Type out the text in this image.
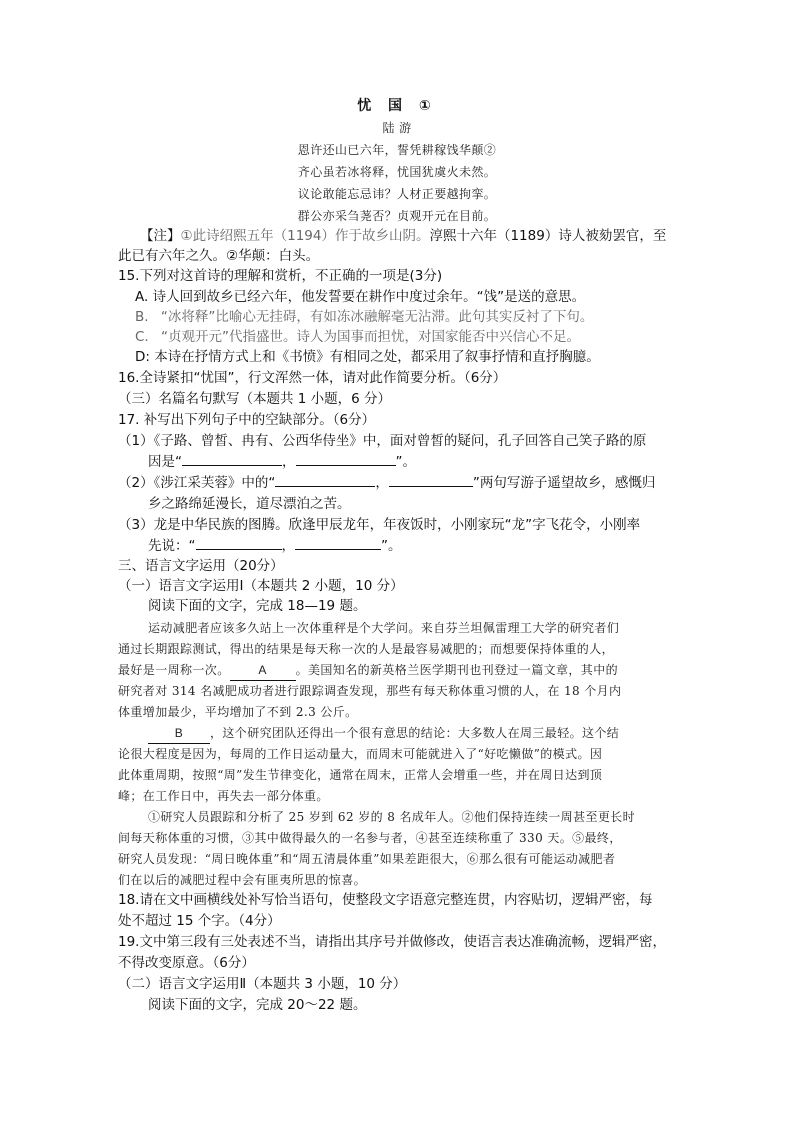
忧 国 ①
陆 游
恩许还山已六年，誓凭耕稼饯华颠②
齐心虽若冰将释，忧国犹虞火未然。
议论敢能忘忌讳？人材正要越拘挛。
群公亦采刍荛否？贞观开元在目前。
【注】①此诗绍熙五年（1194）作于故乡山阴。淳熙十六年（1189）诗人被劾罢官，至
此已有六年之久。②华颠：白头。
15.下列对这首诗的理解和赏析，不正确的一项是(3分)
A. 诗人回到故乡已经六年，他发誓要在耕作中度过余年。“饯”是送的意思。
B. “冰将释”比喻心无挂碍，有如冻冰融解毫无沾滞。此句其实反衬了下句。
C. “贞观开元”代指盛世。诗人为国事而担忧，对国家能否中兴信心不足。
D: 本诗在抒情方式上和《书愤》有相同之处，都采用了叙事抒情和直抒胸臆。
16.全诗紧扣“忧国”，行文浑然一体，请对此作简要分析。（6分）
（三）名篇名句默写（本题共 1 小题，6 分）
17. 补写出下列句子中的空缺部分。（6分）
（1）《子路、曾皙、冉有、公西华侍坐》中，面对曾皙的疑问，孔子回答自己笑子路的原
因是“	，	”。
（2）《涉江采芙蓉》中的“	，	”两句写游子遥望故乡，感慨归
乡之路绵延漫长，道尽漂泊之苦。
（3）龙是中华民族的图腾。欣逢甲辰龙年，年夜饭时，小刚家玩“龙”字飞花令，小刚率
先说：“	，	”。
三、语言文字运用（20分）
（一）语言文字运用Ⅰ（本题共 2 小题，10 分）
阅读下面的文字，完成 18—19 题。
运动减肥者应该多久站上一次体重秤是个大学问。来自芬兰坦佩雷理工大学的研究者们
通过长期跟踪测试，得出的结果是每天称一次的人是最容易减肥的；而想要保持体重的人，
最好是一周称一次。 A 。美国知名的新英格兰医学期刊也刊登过一篇文章，其中的
研究者对 314 名减肥成功者进行跟踪调查发现，那些有每天称体重习惯的人，在 18 个月内
体重增加最少，平均增加了不到 2.3 公斤。
B ，这个研究团队还得出一个很有意思的结论：大多数人在周三最轻。这个结
论很大程度是因为，每周的工作日运动量大，而周末可能就进入了“好吃懒做”的模式。因
此体重周期，按照“周”发生节律变化，通常在周末，正常人会增重一些，并在周日达到顶
峰；在工作日中，再失去一部分体重。
①研究人员跟踪和分析了 25 岁到 62 岁的 8 名成年人。②他们保持连续一周甚至更长时
间每天称体重的习惯，③其中做得最久的一名参与者，④甚至连续称重了 330 天。⑤最终，
研究人员发现：“周日晚体重”和“周五清晨体重”如果差距很大，⑥那么很有可能运动减肥者
们在以后的减肥过程中会有匪夷所思的惊喜。
18.请在文中画横线处补写恰当语句，使整段文字语意完整连贯，内容贴切，逻辑严密，每
处不超过 15 个字。（4分）
19.文中第三段有三处表述不当，请指出其序号并做修改，使语言表达准确流畅，逻辑严密，
不得改变原意。（6分）
（二）语言文字运用Ⅱ（本题共 3 小题，10 分）
阅读下面的文字，完成 20～22 题。
